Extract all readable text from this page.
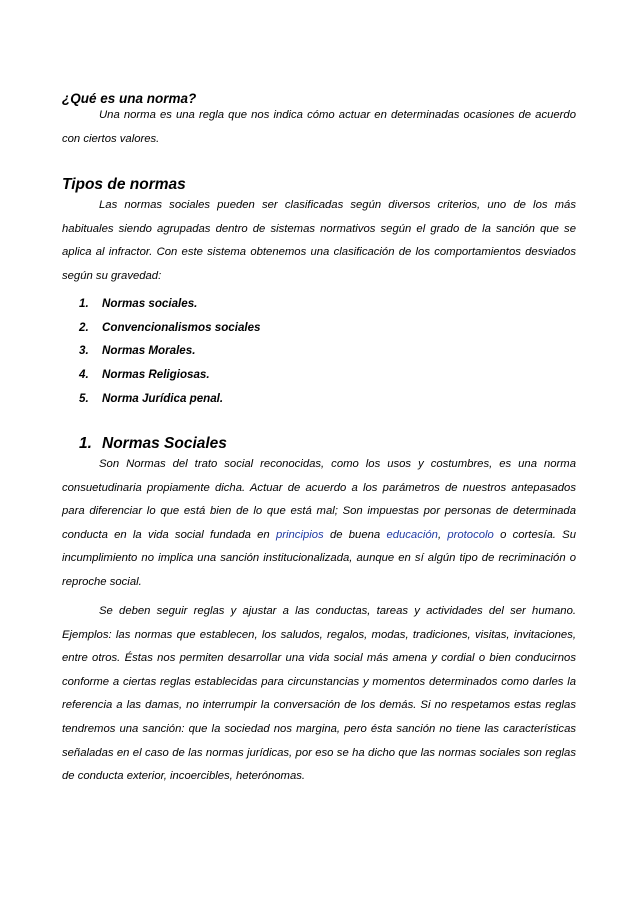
¿Qué es una norma?
Una norma es una regla que nos indica cómo actuar en determinadas ocasiones de acuerdo con ciertos valores.
Tipos de normas
Las normas sociales pueden ser clasificadas según diversos criterios, uno de los más habituales siendo agrupadas dentro de sistemas normativos según el grado de la sanción que se aplica al infractor. Con este sistema obtenemos una clasificación de los comportamientos desviados según su gravedad:
1. Normas sociales.
2. Convencionalismos sociales
3. Normas Morales.
4. Normas Religiosas.
5. Norma Jurídica penal.
1. Normas Sociales
Son Normas del trato social reconocidas, como los usos y costumbres, es una norma consuetudinaria propiamente dicha. Actuar de acuerdo a los parámetros de nuestros antepasados para diferenciar lo que está bien de lo que está mal; Son impuestas por personas de determinada conducta en la vida social fundada en principios de buena educación, protocolo o cortesía. Su incumplimiento no implica una sanción institucionalizada, aunque en sí algún tipo de recriminación o reproche social.
Se deben seguir reglas y ajustar a las conductas, tareas y actividades del ser humano. Ejemplos: las normas que establecen, los saludos, regalos, modas, tradiciones, visitas, invitaciones, entre otros. Éstas nos permiten desarrollar una vida social más amena y cordial o bien conducirnos conforme a ciertas reglas establecidas para circunstancias y momentos determinados como darles la referencia a las damas, no interrumpir la conversación de los demás. Si no respetamos estas reglas tendremos una sanción: que la sociedad nos margina, pero ésta sanción no tiene las características señaladas en el caso de las normas jurídicas, por eso se ha dicho que las normas sociales son reglas de conducta exterior, incoercibles, heterónomas.
